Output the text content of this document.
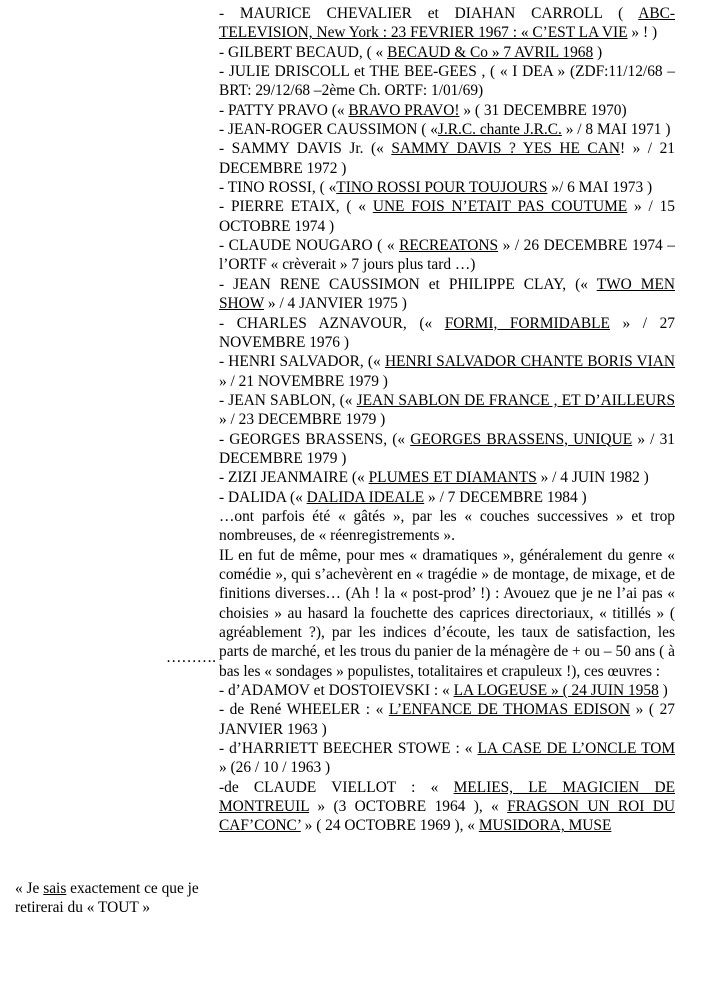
- MAURICE CHEVALIER et DIAHAN CARROLL ( ABC-TELEVISION, New York : 23 FEVRIER 1967 : « C’EST LA VIE » ! )

- GILBERT BECAUD, ( « BECAUD & Co » 7 AVRIL 1968 )

- JULIE DRISCOLL et THE BEE-GEES , ( « I DEA » (ZDF:11/12/68 – BRT: 29/12/68 –2ème Ch. ORTF: 1/01/69)

- PATTY PRAVO (« BRAVO PRAVO! » ( 31 DECEMBRE 1970)

- JEAN-ROGER CAUSSIMON ( «J.R.C. chante J.R.C. » / 8 MAI 1971 )

- SAMMY DAVIS Jr. (« SAMMY DAVIS ? YES HE CAN! » / 21 DECEMBRE 1972 )

- TINO ROSSI, ( «TINO ROSSI POUR TOUJOURS »/ 6 MAI 1973 )

- PIERRE ETAIX, ( « UNE FOIS N’ETAIT PAS COUTUME » / 15 OCTOBRE 1974 )

- CLAUDE NOUGARO ( « RECREATONS » / 26 DECEMBRE 1974 – l’ORTF « crèverait » 7 jours plus tard …)

- JEAN RENE CAUSSIMON et PHILIPPE CLAY, (« TWO MEN SHOW » / 4 JANVIER 1975 )

- CHARLES AZNAVOUR, (« FORMI, FORMIDABLE » / 27 NOVEMBRE 1976 )

- HENRI SALVADOR, (« HENRI SALVADOR CHANTE BORIS VIAN » / 21 NOVEMBRE 1979 )

- JEAN SABLON, (« JEAN SABLON DE FRANCE , ET D’AILLEURS » / 23 DECEMBRE 1979 )

- GEORGES BRASSENS, (« GEORGES BRASSENS, UNIQUE » / 31 DECEMBRE 1979 )

- ZIZI JEANMAIRE (« PLUMES ET DIAMANTS » / 4 JUIN 1982 )

- DALIDA (« DALIDA IDEALE » / 7 DECEMBRE 1984 )

…ont parfois été « gâtés », par les « couches successives » et trop nombreuses, de « réenregistrements ».

IL en fut de même, pour mes « dramatiques », généralement du genre « comédie », qui s’achevèrent en « tragédie » de montage, de mixage, et de finitions diverses… (Ah ! la « post-prod’ !) : Avouez que je ne l’ai pas « choisies » au hasard la fouchette des caprices directoriaux, « titillés » ( agréablement ?), par les indices d’écoute, les taux de satisfaction, les parts de marché, et les trous du panier de la ménagère de + ou – 50 ans ( à bas les « sondages » populistes, totalitaires et crapuleux !), ces œuvres :

- d’ADAMOV et DOSTOIEVSKI : « LA LOGEUSE » ( 24 JUIN 1958 )

- de René WHEELER : « L’ENFANCE DE THOMAS EDISON » ( 27 JANVIER 1963 )

- d’HARRIETT BEECHER STOWE : « LA CASE DE L’ONCLE TOM » (26 / 10 / 1963 )

-de CLAUDE VIELLOT : « MELIES, LE MAGICIEN DE MONTREUIL » (3 OCTOBRE 1964 ), « FRAGSON UN ROI DU CAF’CONC’ » ( 24 OCTOBRE 1969 ), « MUSIDORA, MUSE

……….
« Je sais exactement ce que je retirerai du « TOUT »
